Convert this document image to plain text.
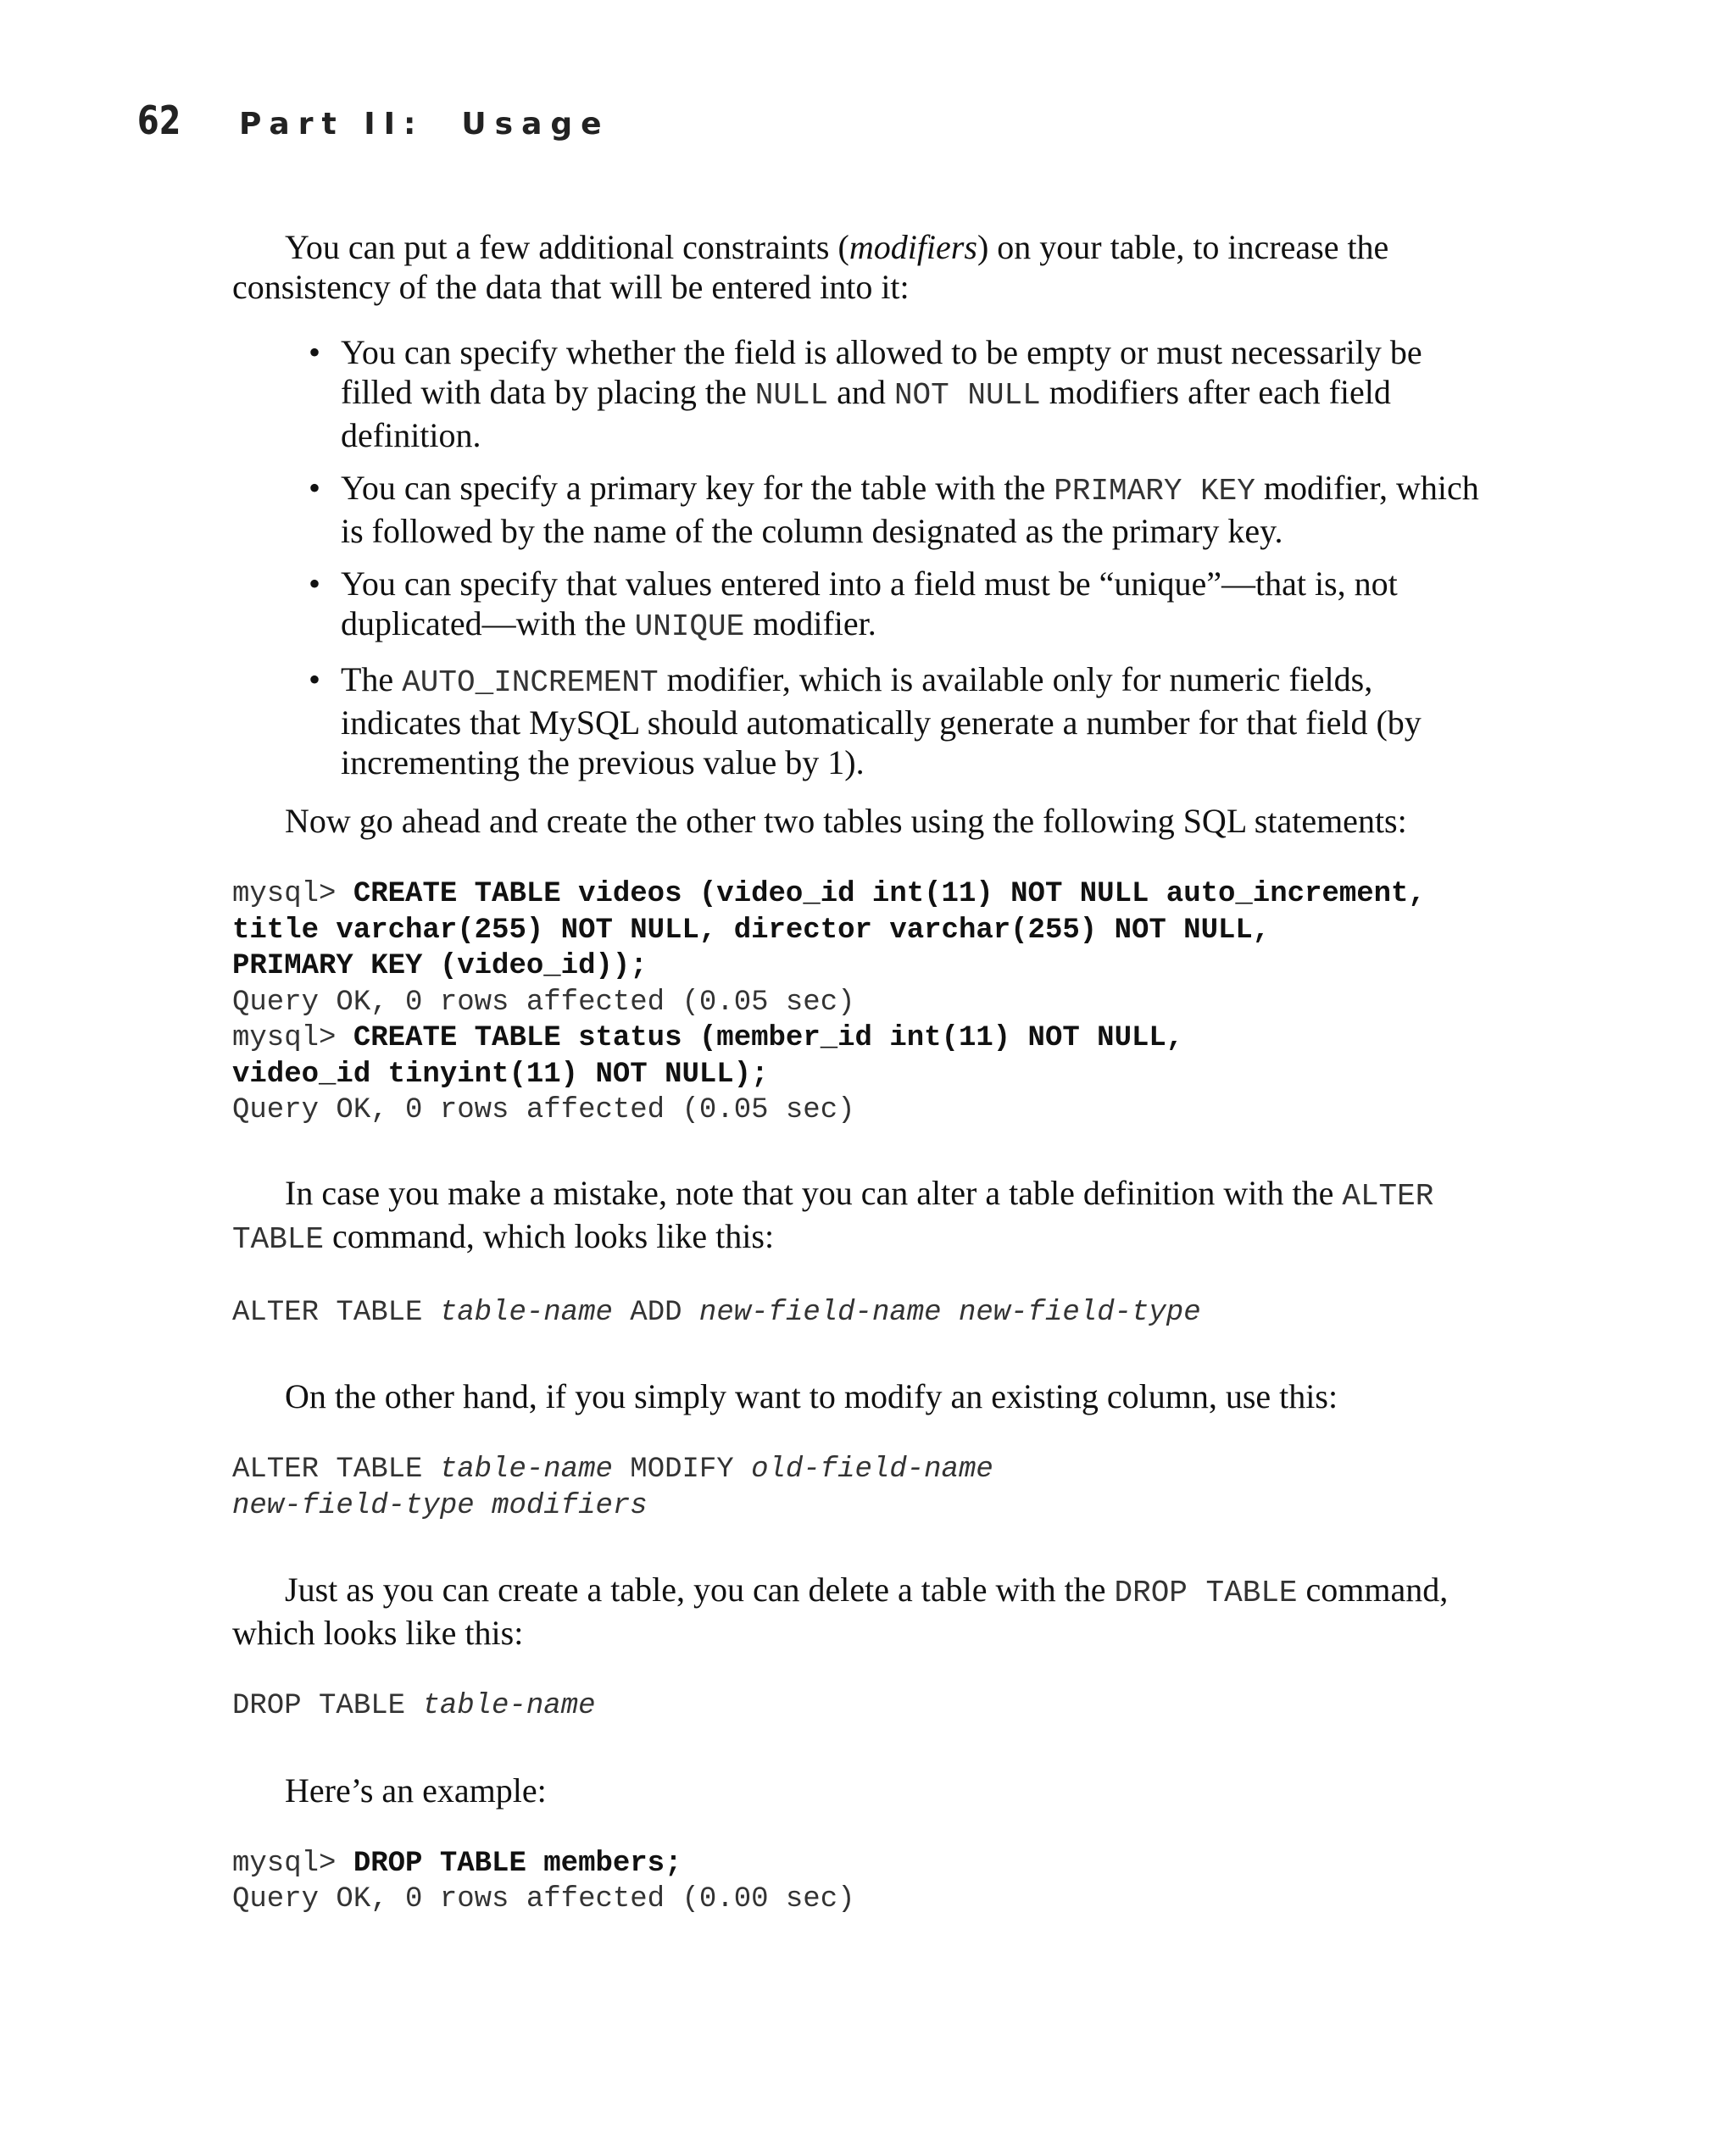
62 Part II: Usage

You can put a few additional constraints (modifiers) on your table, to increase the consistency of the data that will be entered into it:

• You can specify whether the field is allowed to be empty or must necessarily be filled with data by placing the NULL and NOT NULL modifiers after each field definition.
• You can specify a primary key for the table with the PRIMARY KEY modifier, which is followed by the name of the column designated as the primary key.
• You can specify that values entered into a field must be “unique”—that is, not duplicated—with the UNIQUE modifier.
• The AUTO_INCREMENT modifier, which is available only for numeric fields, indicates that MySQL should automatically generate a number for that field (by incrementing the previous value by 1).

Now go ahead and create the other two tables using the following SQL statements:

mysql> CREATE TABLE videos (video_id int(11) NOT NULL auto_increment,
title varchar(255) NOT NULL, director varchar(255) NOT NULL,
PRIMARY KEY (video_id));
Query OK, 0 rows affected (0.05 sec)
mysql> CREATE TABLE status (member_id int(11) NOT NULL,
video_id tinyint(11) NOT NULL);
Query OK, 0 rows affected (0.05 sec)

In case you make a mistake, note that you can alter a table definition with the ALTER TABLE command, which looks like this:

ALTER TABLE table-name ADD new-field-name new-field-type

On the other hand, if you simply want to modify an existing column, use this:

ALTER TABLE table-name MODIFY old-field-name
new-field-type modifiers

Just as you can create a table, you can delete a table with the DROP TABLE command, which looks like this:

DROP TABLE table-name

Here’s an example:

mysql> DROP TABLE members;
Query OK, 0 rows affected (0.00 sec)
